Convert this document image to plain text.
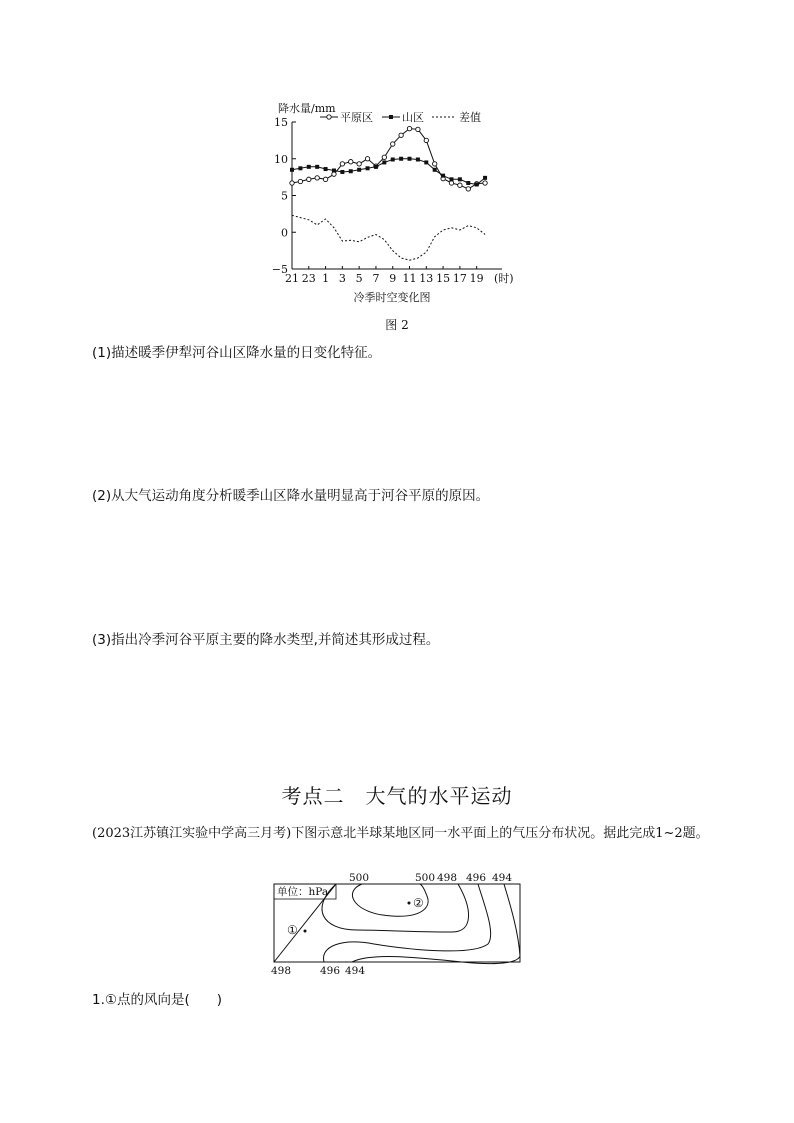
降水量/mm
平原区	山区	差值
15
10
5
0
−5
21 23 1 3 5 7 9 11 13 15 17 19 (时)
冷季时空变化图
图 2
(1)描述暖季伊犁河谷山区降水量的日变化特征。
(2)从大气运动角度分析暖季山区降水量明显高于河谷平原的原因。
(3)指出冷季河谷平原主要的降水类型,并简述其形成过程。
考点二　大气的水平运动
(2023江苏镇江实验中学高三月考)下图示意北半球某地区同一水平面上的气压分布状况。据此完成1~2题。
单位：hPa
500	500 498 496 494
498	496 494
①
②
1.①点的风向是(　　)
